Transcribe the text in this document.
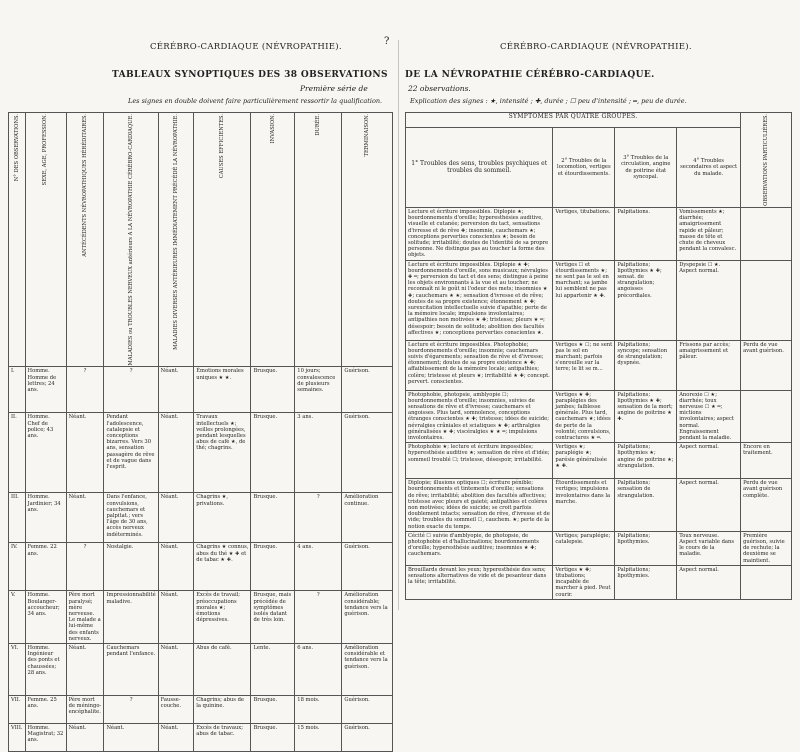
CÉRÉBRO-CARDIAQUE (NÉVROPATHIE).	?	CÉRÉBRO-CARDIAQUE (NÉVROPATHIE).
TABLEAUX SYNOPTIQUES DES 38 OBSERVATIONS DE LA NÉVROPATHIE CÉRÉBRO-CARDIAQUE.
Première série de	22 observations.
Les signes en double doivent faire particulièrement ressortir la qualification.	Explication des signes : ★, intensité ; ✚, durée ; ☐ peu d'intensité ; ═, peu de durée.
N° DES OBSERVATIONS.	SEXE, AGE, PROFESSION.	ANTÉCÉDENTS NÉVROPATHIQUES HÉRÉDITAIRES.	MALADIES ou TROUBLES NERVEUX antérieurs A LA NÉVROPATHIE CÉRÉBRO-CARDIAQUE.	MALADIES DIVERSES ANTÉRIEURES IMMÉDIATEMENT PRÉCÉDÉ LA NÉVROPATHIE.	CAUSES EFFICIENTES.	INVASION.	DURÉE.	TERMINAISON.

I.	Homme. Homme de lettres; 24 ans.	?	?	Néant.	Émotions morales uniques ★ ★.	Brusque.	10 jours; convalescence de plusieurs semaines.	Guérison.
II.	Homme. Chef de police; 43 ans.	Néant.	Pendant l'adolescence, catalepsie et conceptions bizarres. Vers 30 ans, sensation passagère de rêve et de vague dans l'esprit.	Néant.	Travaux intellectuels ★; veilles prolongées, pendant lesquelles abus de café ★, de thé; chagrins.	Brusque.	3 ans.	Guérison.
III.	Homme. Jardinier; 34 ans.	Néant.	Dans l'enfance, convulsions, cauchemars et palpitat.; vers l'âge de 30 ans, accès nerveux indéterminés.	Néant.	Chagrins ★, privations.	Brusque.	?	Amélioration continue.
IV.	Femme. 22 ans.	?	Nostalgie.	Néant.	Chagrins ★ connus, abus du thé ★ ✚ et de tabac ★ ✚.	Brusque.	4 ans.	Guérison.
V.	Homme. Boulanger-accoucheur; 34 ans.	Père mort paralysé; mère nerveuse. Le malade a lui-même des enfants nerveux.	Impressionnabilité maladive.	Néant.	Excès de travail; préoccupations morales ★; émotions dépressives.	Brusque, mais précédée de symptômes isolés datant de très loin.	?	Amélioration considérable; tendance vers la guérison.
VI.	Homme. Ingénieur des ponts et chaussées; 28 ans.	Néant.	Cauchemars pendant l'enfance.	Néant.	Abus de café.	Lente.	6 ans.	Amélioration considérable et tendance vers la guérison.
VII.	Femme. 25 ans.	Père mort de méningo-encéphalite.	?	Fausse-couche.	Chagrins; abus de la quinine.	Brusque.	18 mois.	Guérison.
VIII.	Homme. Magistrat; 32 ans.	Néant.	Néant.	Néant.	Excès de travaux; abus de tabac.	Brusque.	15 mois.	Guérison.
SYMPTOMES PAR QUATRE GROUPES.				OBSERVATIONS PARTICULIÈRES.

1° Troubles des sens, troubles psychiques et troubles du sommeil.	2° Troubles de la locomotion, vertiges et étourdissements.	3° Troubles de la circulation, angine de poitrine état syncopal.	4° Troubles secondaires et aspect du malade.	
Lecture et écriture impossibles. Diplopie ★; bourdonnements d'oreille; hyperesthésies auditive, visuelle et cutanée; perversion du tact, sensations d'ivresse et de rêve ✚; insomnie, cauchemars ★; conceptions perverties conscientes ★; besoin de solitude; irritabilité; doutes de l'identité de sa propre personne. Ne distingue pas au toucher la forme des objets.	Vertiges, titubations.	Palpitations.	Vomissements ★; diarrhée; amaigrissement rapide et pâleur; masse de tête et chute de cheveux pendant la convalesc.	
Lecture et écriture impossibles. Diplopie ★ ✚; bourdonnements d'oreille, sons musicaux; névralgies ✚ ═; perversion du tact et des sens; distingue à peine les objets environnants à la vue et au toucher; ne reconnaît ni le goût ni l'odeur des mets; insomnies ★ ✚; cauchemars ★ ★; sensation d'ivresse et de rêve; doutes de sa propre existence; étonnement ★ ✚; surexcitation intellectuelle suivie d'apathie; perte de la mémoire locale; impulsions involontaires; antipathies non motivées ★ ✚; tristesse; pleurs ★ ═; désespoir; besoin de solitude; abolition des facultés affectives ★; conceptions perverties conscientes ★.	Vertiges ☐ et étourdissements ★; ne sent pas le sol en marchant; sa jambe lui semblent ne pas lui appartenir ★ ✚.	Palpitations; lipothymies ★ ✚; sensat. de strangulation; angoisses précordiales.	Dyspepsie ☐ ★. Aspect normal.	
Lecture et écriture impossibles. Photophobie; bourdonnements d'oreille; insomnie; cauchemars suivis d'égarements; sensation de rêve et d'ivresse; étonnement; doutes de sa propre existence ★ ✚; affaiblissement de la mémoire locale; antipathies; colère; tristesse et pleurs ★; irritabilité ★ ✚; concept. pervert. conscientes.	Vertiges ★ ☐; ne sent pas le sol en marchant; parfois s'enrouille sur la terre; le lit se m...	Palpitations; syncope; sensation de strangulation; dyspnée.	Frissons par accès; amaigrissement et pâleur.	Perdu de vue avant guérison.
Photophobie, photopsie, amblyopie ☐; bourdonnements d'oreille; insomnies, suivies de sensations de rêve et d'ivresse; cauchemars et angoisses. Plus tard, somnolence, conceptions étranges conscientes ★ ✚; tristesse; idées de suicide; névralgies crâniales et sciatiques ★ ✚; arthralgies généralisées ★ ✚; viscéralgies ★ ★ ═; impulsions involontaires.	Vertiges ★ ✚; paraplégies des jambes; faiblesse générale. Plus tard, cauchemars ★; idées de perte de la volonté; convulsions, contractures ★ ═.	Palpitations; lipothymies ★ ✚; sensation de la mort; angine de poitrine ★ ✚.	Anorexie ☐ ★; diarrhée; toux nerveuse ☐ ★ ═; mictions involontaires; aspect normal. Engraissement pendant la maladie.	
Photophobie ★; lecture et écriture impossibles; hyperesthésie auditive ★; sensation de rêve et d'idée; sommeil troublé ☐; tristesse, désespoir, irritabilité.	Vertiges ★; paraplégie ★; parésie généralisée ★ ✚.	Palpitations; lipothymies ★; angine de poitrine ★; strangulation.	Aspect normal.	Encore en traitement.
Diplopie; illusions optiques ☐; écriture pénible; bourdonnements et tintements d'oreille; sensations de rêve; irritabilité; abolition des facultés affectives; tristesse avec pleurs et gaieté; antipathies et colères non motivées; idées de suicide; se croit parfois doublement intacts; sensation de rêve, d'ivresse et de vide; troubles du sommeil ☐, cauchem. ★; perte de la notion exacte du temps.	Étourdissements et vertiges; impulsions involontaires dans la marche.	Palpitations; sensation de strangulation.	Aspect normal.	Perdu de vue avant guérison complète.
Cécité ☐ suivie d'amblyopie, de photopsie, de photophobie et d'hallucinations; bourdonnements d'oreille; hyperesthésie auditive; insomnies ★ ✚; cauchemars.	Vertiges; paraplégie; catalepsie.	Palpitations; lipothymies.	Toux nerveuse. Aspect variable dans le cours de la maladie.	Première guérison, suivie de rechute; la deuxième se maintient.
Brouillards devant les yeux; hyperesthésie des sens; sensations alternatives de vide et de pesanteur dans la tête; irritabilité.	Vertiges ★ ✚; titubations; incapable de marcher à pied. Peut courir.	Palpitations; lipothymies.	Aspect normal.	
